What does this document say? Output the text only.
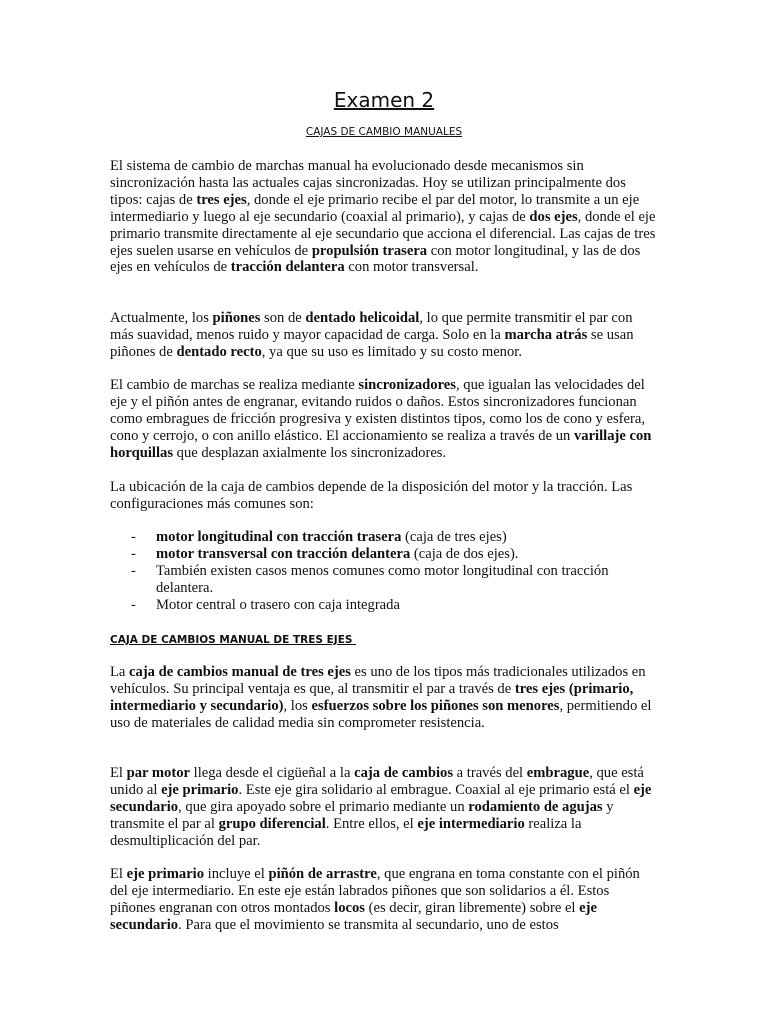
Examen 2
CAJAS DE CAMBIO MANUALES

El sistema de cambio de marchas manual ha evolucionado desde mecanismos sin sincronización hasta las actuales cajas sincronizadas. Hoy se utilizan principalmente dos tipos: cajas de tres ejes, donde el eje primario recibe el par del motor, lo transmite a un eje intermediario y luego al eje secundario (coaxial al primario), y cajas de dos ejes, donde el eje primario transmite directamente al eje secundario que acciona el diferencial. Las cajas de tres ejes suelen usarse en vehículos de propulsión trasera con motor longitudinal, y las de dos ejes en vehículos de tracción delantera con motor transversal.

Actualmente, los piñones son de dentado helicoidal, lo que permite transmitir el par con más suavidad, menos ruido y mayor capacidad de carga. Solo en la marcha atrás se usan piñones de dentado recto, ya que su uso es limitado y su costo menor.

El cambio de marchas se realiza mediante sincronizadores, que igualan las velocidades del eje y el piñón antes de engranar, evitando ruidos o daños. Estos sincronizadores funcionan como embragues de fricción progresiva y existen distintos tipos, como los de cono y esfera, cono y cerrojo, o con anillo elástico. El accionamiento se realiza a través de un varillaje con horquillas que desplazan axialmente los sincronizadores.

La ubicación de la caja de cambios depende de la disposición del motor y la tracción. Las configuraciones más comunes son:

- motor longitudinal con tracción trasera (caja de tres ejes)
- motor transversal con tracción delantera (caja de dos ejes).
- También existen casos menos comunes como motor longitudinal con tracción delantera.
- Motor central o trasero con caja integrada
CAJA DE CAMBIOS MANUAL DE TRES EJES

La caja de cambios manual de tres ejes es uno de los tipos más tradicionales utilizados en vehículos. Su principal ventaja es que, al transmitir el par a través de tres ejes (primario, intermediario y secundario), los esfuerzos sobre los piñones son menores, permitiendo el uso de materiales de calidad media sin comprometer resistencia.

El par motor llega desde el cigüeñal a la caja de cambios a través del embrague, que está unido al eje primario. Este eje gira solidario al embrague. Coaxial al eje primario está el eje secundario, que gira apoyado sobre el primario mediante un rodamiento de agujas y transmite el par al grupo diferencial. Entre ellos, el eje intermediario realiza la desmultiplicación del par.

El eje primario incluye el piñón de arrastre, que engrana en toma constante con el piñón del eje intermediario. En este eje están labrados piñones que son solidarios a él. Estos piñones engranan con otros montados locos (es decir, giran libremente) sobre el eje secundario. Para que el movimiento se transmita al secundario, uno de estos
